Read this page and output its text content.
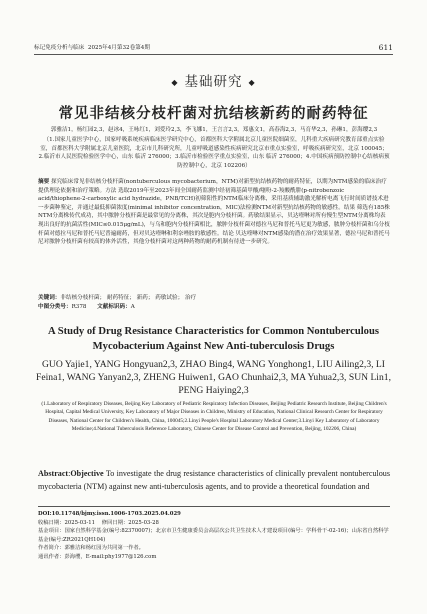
标记免疫分析与临床 2025年4月第32卷第4期	611
◆ 基础研究 ◆
常见非结核分枝杆菌对抗结核新药的耐药特征
郭雅洁1，杨红园2,3，赵冰4，王咏红1，刘爱玲2,3，李飞娜1，王言言2,3，郑惠文1，高春海2,3，马育华2,3，孙琳1，彭海缨2,3
（1.国家儿童医学中心，国家呼吸系统疾病临床医学研究中心，首都医科大学附属北京儿童医院细菌室，儿科重大疾病研究教育部重点实验室，首都医科大学附属北京儿童医院，北京市儿科研究所，儿童呼吸道感染性疾病研究北京市重点实验室，呼吸疾病研究室，北京 100045；2.临沂市人民医院检验医学中心，山东 临沂 276000；3.临沂市检验医学重点实验室，山东 临沂 276000；4.中国疾病预防控制中心结核病预防控制中心，北京 102206）
摘要 探究临床常见非结核分枝杆菌(nontuberculous mycobacterium，NTM)对新型抗结核药物的耐药特征，以期为NTM感染的临床治疗提供理论依据和治疗策略。方法 选取2019年至2023年间全国耐药监测中经初筛基菌甲酸/噻吩-2-羧酸酰肼(p-nitrobenzoic acid/thiophene-2-carboxylic acid hydrazide，PNB/TCH)初筛阳性的NTM临床分离株，采用基质辅助激光解析电离飞行时间质谱技术进一步菌种鉴定，并通过最低抑菌浓度(minimal inhibitor concentration，MIC)法检测NTM对新型抗结核药物的敏感性。结果 筛选有185株NTM分离株传代成功，其中脓肿分枝杆菌是最常见的分离株，其次是胞内分枝杆菌。药敏结果显示，贝达喹啉对所有慢生型NTM分离株均表现出良好的抗菌活性(MIC≤0.015μg/mL)，与乌和胞内分枝杆菌相比，脓肿分枝杆菌对德拉马尼和普托马尼更为敏感，脓肿分枝杆菌和乌分枝杆菌对德拉马尼和普托马尼普遍耐药，但对贝达喹啉和利奈唑胺的敏感性。结论 贝达喹啉对NTM感染的潜在治疗效果显著，德拉马尼和普托马尼对脓肿分枝杆菌有较高的体外活性，其他分枝杆菌对这两种药物的耐药机制有待进一步研究。
关键词：非结核分枝杆菌； 耐药特征； 新药； 药敏试验； 治疗
中图分类号：R378 文献标识码：A
A Study of Drug Resistance Characteristics for Common Nontuberculous Mycobacterium Against New Anti-tuberculosis Drugs
GUO Yajie1, YANG Hongyuan2,3, ZHAO Bing4, WANG Yonghong1, LIU Ailing2,3, LI Feina1, WANG Yanyan2,3, ZHENG Huiwen1, GAO Chunhai2,3, MA Yuhua2,3, SUN Lin1, PENG Haiying2,3
(1.Laboratory of Respiratory Diseases, Beijing Key Laboratory of Pediatric Respiratory Infection Diseases, Beijing Pediatric Research Institute, Beijing Children's Hospital, Capital Medical University, Key Laboratory of Major Diseases in Children, Ministry of Education, National Clinical Research Center for Respiratory Diseases, National Center for Children's Health, China, 100045;2.Linyi People's Hospital Laboratory Medical Center;3.Linyi Key Laboratory of Laboratory Medicine;4.National Tuberculosis Reference Laboratory, Chinese Center for Disease Control and Prevention, Beijing, 102206, China)
Abstract:Objective To investigate the drug resistance characteristics of clinically prevalent nontuberculous mycobacteria (NTM) against new anti-tuberculosis agents, and to provide a theoretical foundation and
DOI:10.11748/bjmy.issn.1006-1703.2025.04.029
收稿日期：2025-03-11 修回日期：2025-03-28
基金项目：国家自然科学基金(编号:82370007)；北京市卫生健康委员会高层次公共卫生技术人才建设项目(编号：学科骨干-02-16)；山东省自然科学基金(编号:ZR2021QH104)
作者简介：郭雅洁和杨红园为共同第一作者。
通讯作者：彭海缨，E-mail:phy1977@126.com
